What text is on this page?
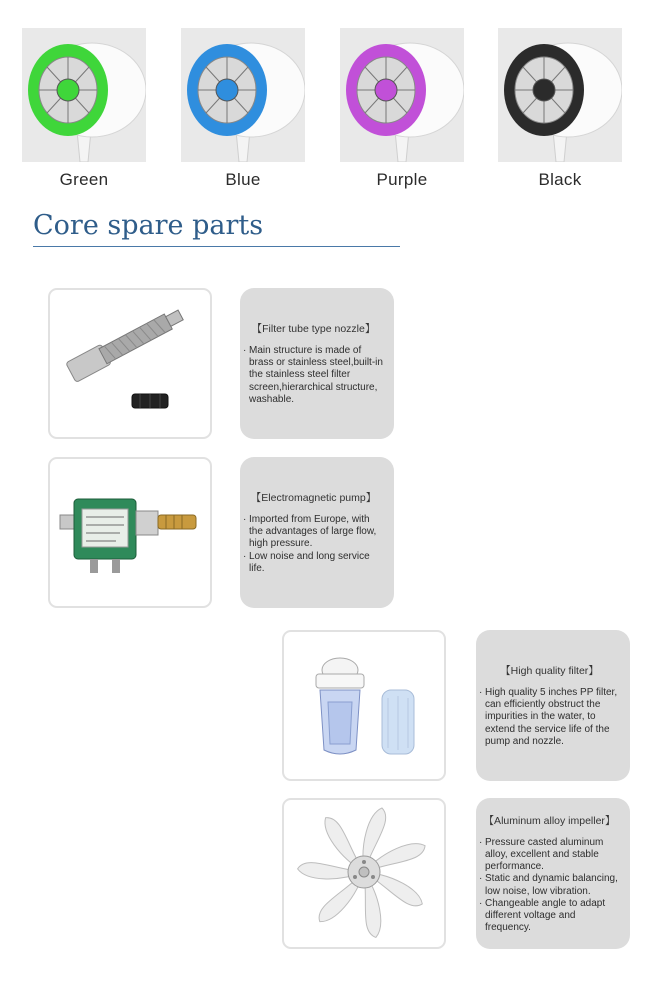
Green	Blue	Purple	Black
Core spare parts
【Filter tube type nozzle】
· Main structure is made of brass or stainless steel,built-in the stainless steel filter screen,hierarchical structure, washable.
【Electromagnetic pump】
· Imported from Europe, with the advantages of large flow, high pressure.
· Low noise and long service life.
【High quality filter】
· High quality 5 inches PP filter, can efficiently obstruct the impurities in the water, to extend the service life of the pump and nozzle.
【Aluminum alloy impeller】
· Pressure casted aluminum alloy, excellent and stable performance.
· Static and dynamic balancing, low noise, low vibration.
· Changeable angle to adapt different voltage and frequency.
